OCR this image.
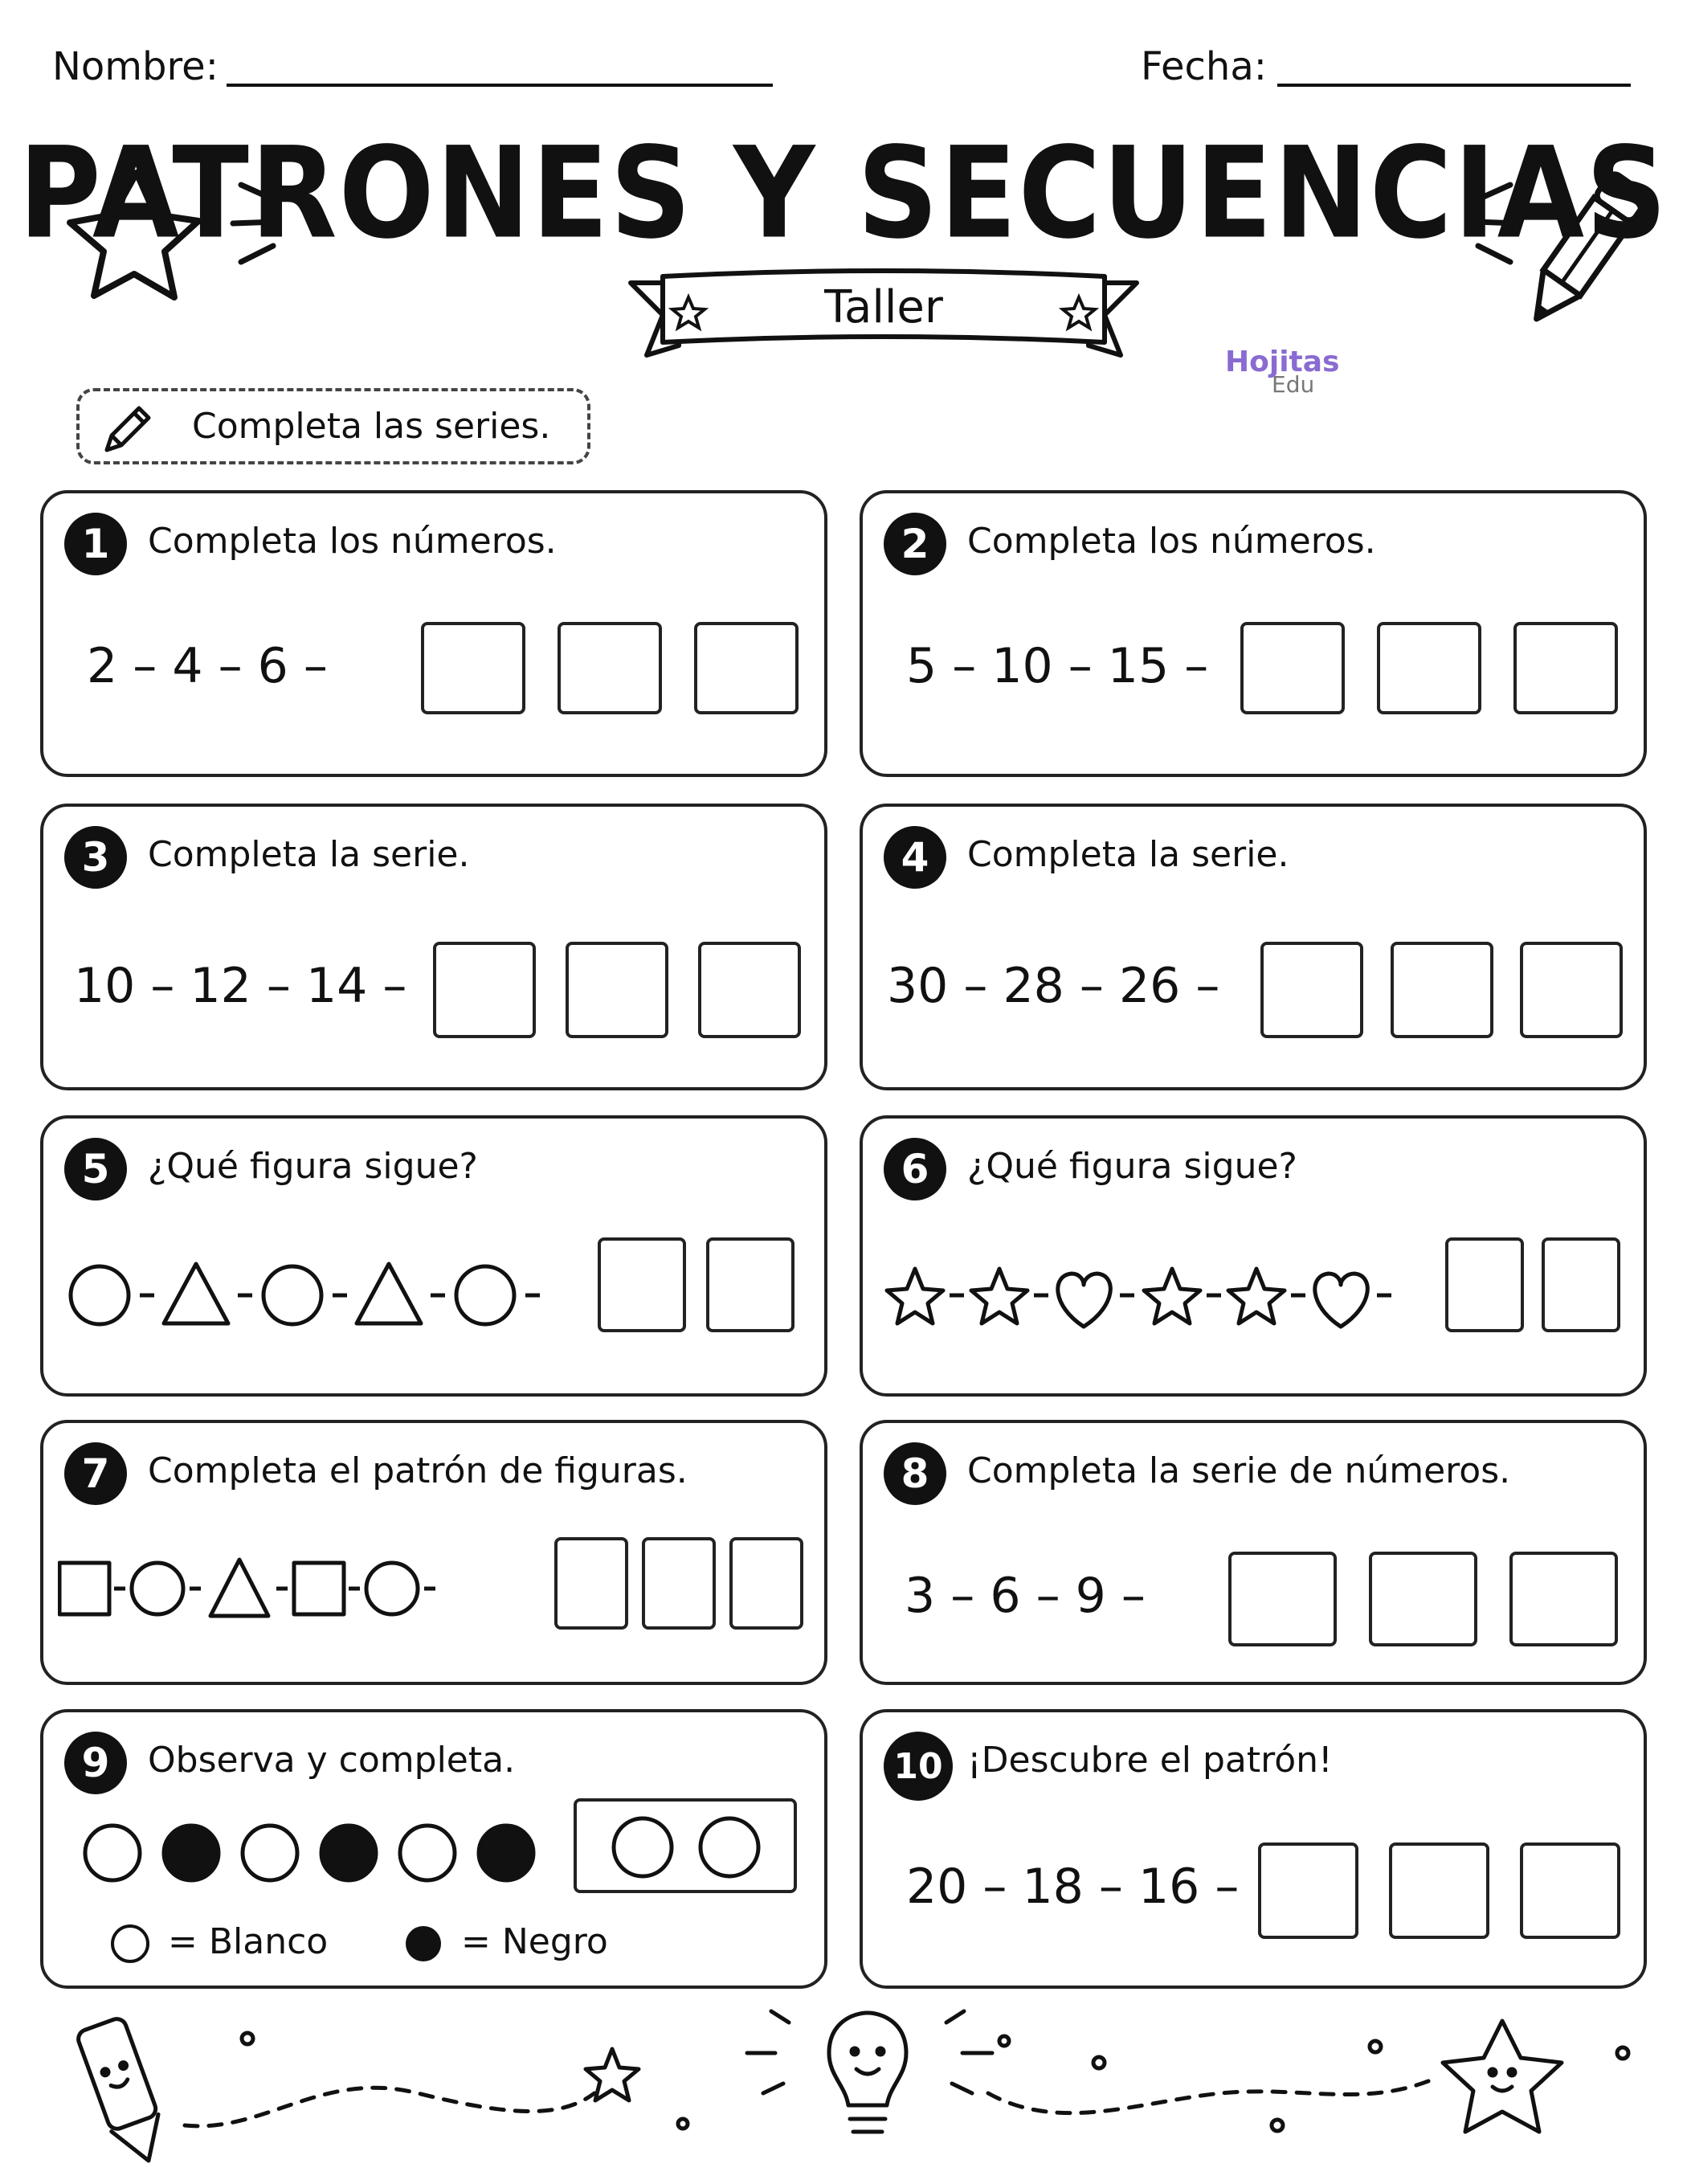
Nombre:	Fecha:
PATRONES Y SECUENCIAS
Taller
Hojitas
Edu
Completa las series.
1	Completa los números.
2 – 4 – 6 –
2	Completa los números.
5 – 10 – 15 –
3	Completa la serie.
10 – 12 – 14 –
4	Completa la serie.
30 – 28 – 26 –
5	¿Qué figura sigue?	6	¿Qué figura sigue?
7	Completa el patrón de figuras.	8	Completa la serie de números.
3 – 6 – 9 –
9	Observa y completa.
= Blanco	= Negro
10 ¡Descubre el patrón!
20 – 18 – 16 –
